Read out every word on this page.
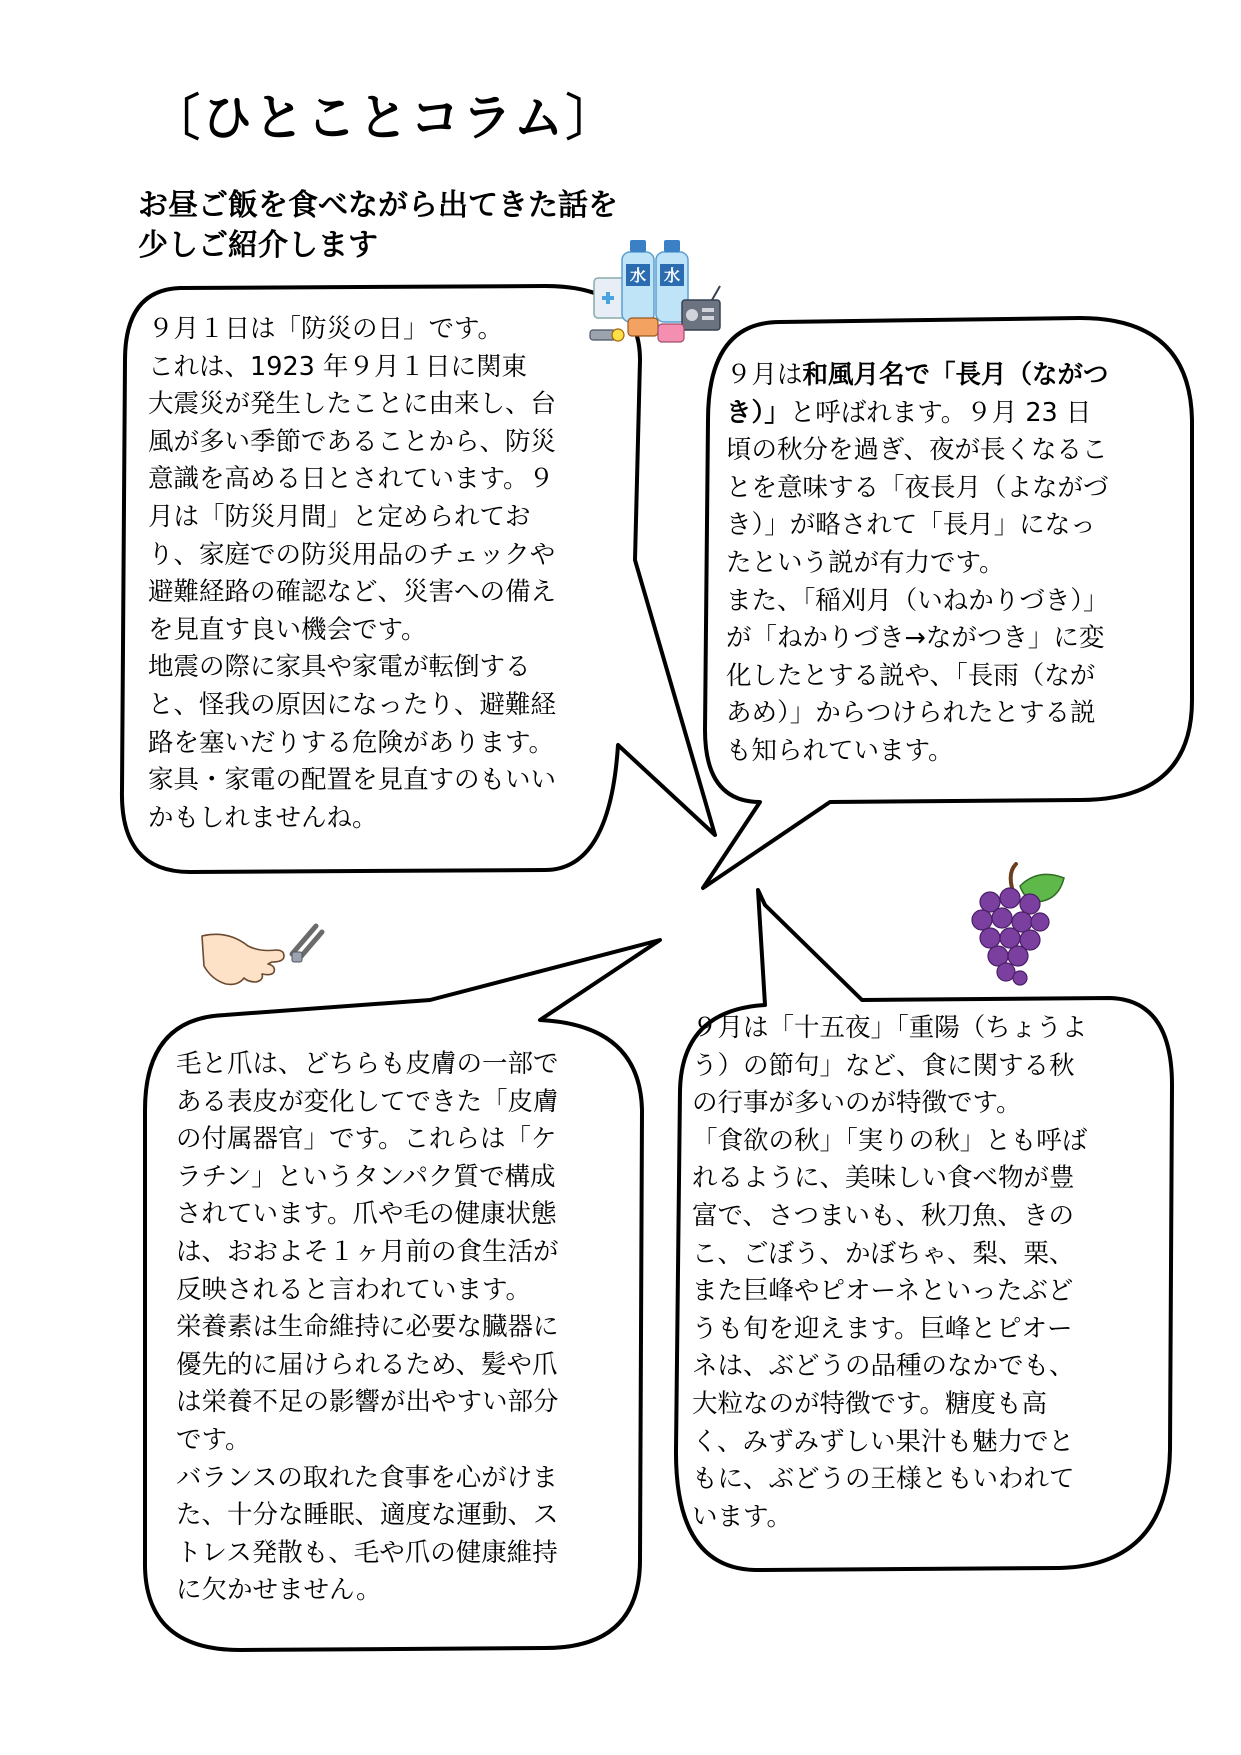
〔ひとことコラム〕
お昼ご飯を食べながら出てきた話を
少しご紹介します
水 水
９月１日は「防災の日」です。
これは、1923 年９月１日に関東
大震災が発生したことに由来し、台
風が多い季節であることから、防災
意識を高める日とされています。９
月は「防災月間」と定められてお
り、家庭での防災用品のチェックや
避難経路の確認など、災害への備え
を見直す良い機会です。
地震の際に家具や家電が転倒する
と、怪我の原因になったり、避難経
路を塞いだりする危険があります。
家具・家電の配置を見直すのもいい
かもしれませんね。
９月は和風月名で「長月（ながつ
き）」と呼ばれます。９月 23 日
頃の秋分を過ぎ、夜が長くなるこ
とを意味する「夜長月（よながづ
き）」が略されて「長月」になっ
たという説が有力です。
また、「稲刈月（いねかりづき）」
が「ねかりづき→ながつき」に変
化したとする説や、「長雨（なが
あめ）」からつけられたとする説
も知られています。
毛と爪は、どちらも皮膚の一部で
ある表皮が変化してできた「皮膚
の付属器官」です。これらは「ケ
ラチン」というタンパク質で構成
されています。爪や毛の健康状態
は、おおよそ１ヶ月前の食生活が
反映されると言われています。
栄養素は生命維持に必要な臓器に
優先的に届けられるため、髪や爪
は栄養不足の影響が出やすい部分
です。
バランスの取れた食事を心がけま
た、十分な睡眠、適度な運動、ス
トレス発散も、毛や爪の健康維持
に欠かせません。
９月は「十五夜」「重陽（ちょうよ
う）の節句」など、食に関する秋
の行事が多いのが特徴です。
「食欲の秋」「実りの秋」とも呼ば
れるように、美味しい食べ物が豊
富で、さつまいも、秋刀魚、きの
こ、ごぼう、かぼちゃ、梨、栗、
また巨峰やピオーネといったぶど
うも旬を迎えます。巨峰とピオー
ネは、ぶどうの品種のなかでも、
大粒なのが特徴です。糖度も高
く、みずみずしい果汁も魅力でと
もに、ぶどうの王様ともいわれて
います。
